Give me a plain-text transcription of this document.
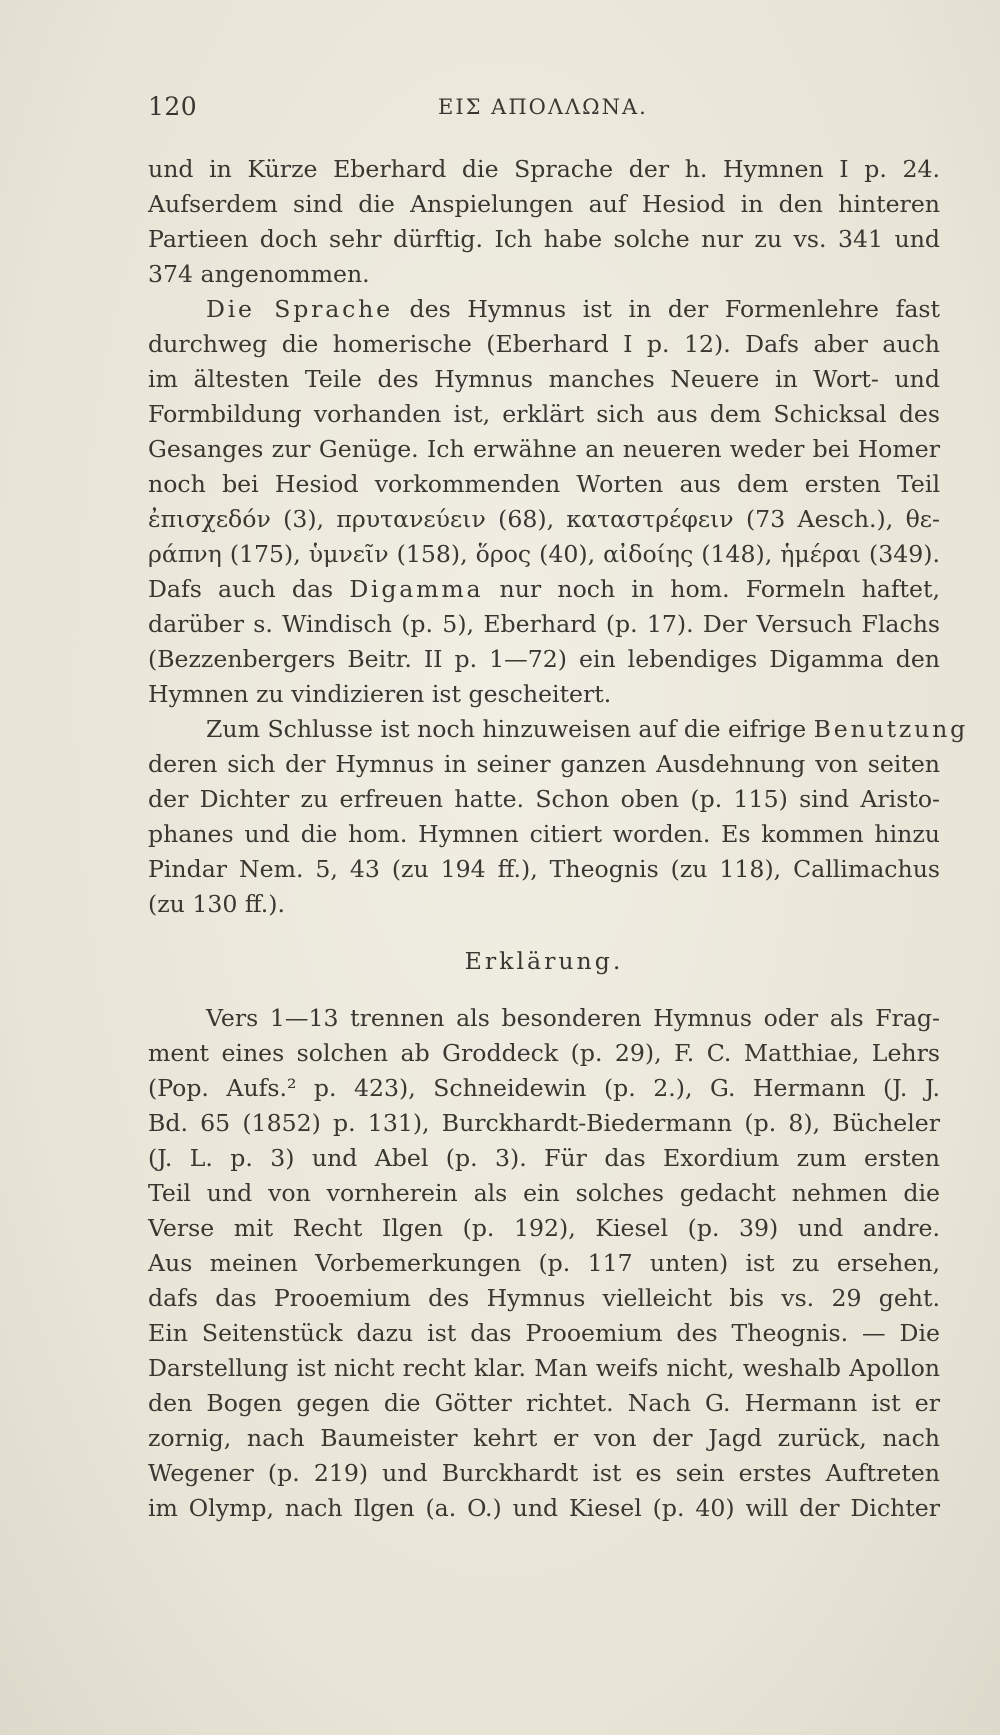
120	ΕΙΣ ΑΠΟΛΛΩΝΑ.
und in Kürze Eberhard die Sprache der h. Hymnen I p. 24.
Aufserdem sind die Anspielungen auf Hesiod in den hinteren
Partieen doch sehr dürftig. Ich habe solche nur zu vs. 341 und
374 angenommen.
Die Sprache des Hymnus ist in der Formenlehre fast
durchweg die homerische (Eberhard I p. 12). Dafs aber auch
im ältesten Teile des Hymnus manches Neuere in Wort- und
Formbildung vorhanden ist, erklärt sich aus dem Schicksal des
Gesanges zur Genüge. Ich erwähne an neueren weder bei Homer
noch bei Hesiod vorkommenden Worten aus dem ersten Teil
ἐπισχεδόν (3), πρυτανεύειν (68), καταστρέφειν (73 Aesch.), θε-
ράπνη (175), ὑμνεῖν (158), ὅρος (40), αἰδοίης (148), ἡμέραι (349).
Dafs auch das Digamma nur noch in hom. Formeln haftet,
darüber s. Windisch (p. 5), Eberhard (p. 17). Der Versuch Flachs
(Bezzenbergers Beitr. II p. 1—72) ein lebendiges Digamma den
Hymnen zu vindizieren ist gescheitert.
Zum Schlusse ist noch hinzuweisen auf die eifrige Benutzung
deren sich der Hymnus in seiner ganzen Ausdehnung von seiten
der Dichter zu erfreuen hatte. Schon oben (p. 115) sind Aristo-
phanes und die hom. Hymnen citiert worden. Es kommen hinzu
Pindar Nem. 5, 43 (zu 194 ff.), Theognis (zu 118), Callimachus
(zu 130 ff.).
Erklärung.
Vers 1—13 trennen als besonderen Hymnus oder als Frag-
ment eines solchen ab Groddeck (p. 29), F. C. Matthiae, Lehrs
(Pop. Aufs.² p. 423), Schneidewin (p. 2.), G. Hermann (J. J.
Bd. 65 (1852) p. 131), Burckhardt-Biedermann (p. 8), Bücheler
(J. L. p. 3) und Abel (p. 3). Für das Exordium zum ersten
Teil und von vornherein als ein solches gedacht nehmen die
Verse mit Recht Ilgen (p. 192), Kiesel (p. 39) und andre.
Aus meinen Vorbemerkungen (p. 117 unten) ist zu ersehen,
dafs das Prooemium des Hymnus vielleicht bis vs. 29 geht.
Ein Seitenstück dazu ist das Prooemium des Theognis. — Die
Darstellung ist nicht recht klar. Man weifs nicht, weshalb Apollon
den Bogen gegen die Götter richtet. Nach G. Hermann ist er
zornig, nach Baumeister kehrt er von der Jagd zurück, nach
Wegener (p. 219) und Burckhardt ist es sein erstes Auftreten
im Olymp, nach Ilgen (a. O.) und Kiesel (p. 40) will der Dichter
